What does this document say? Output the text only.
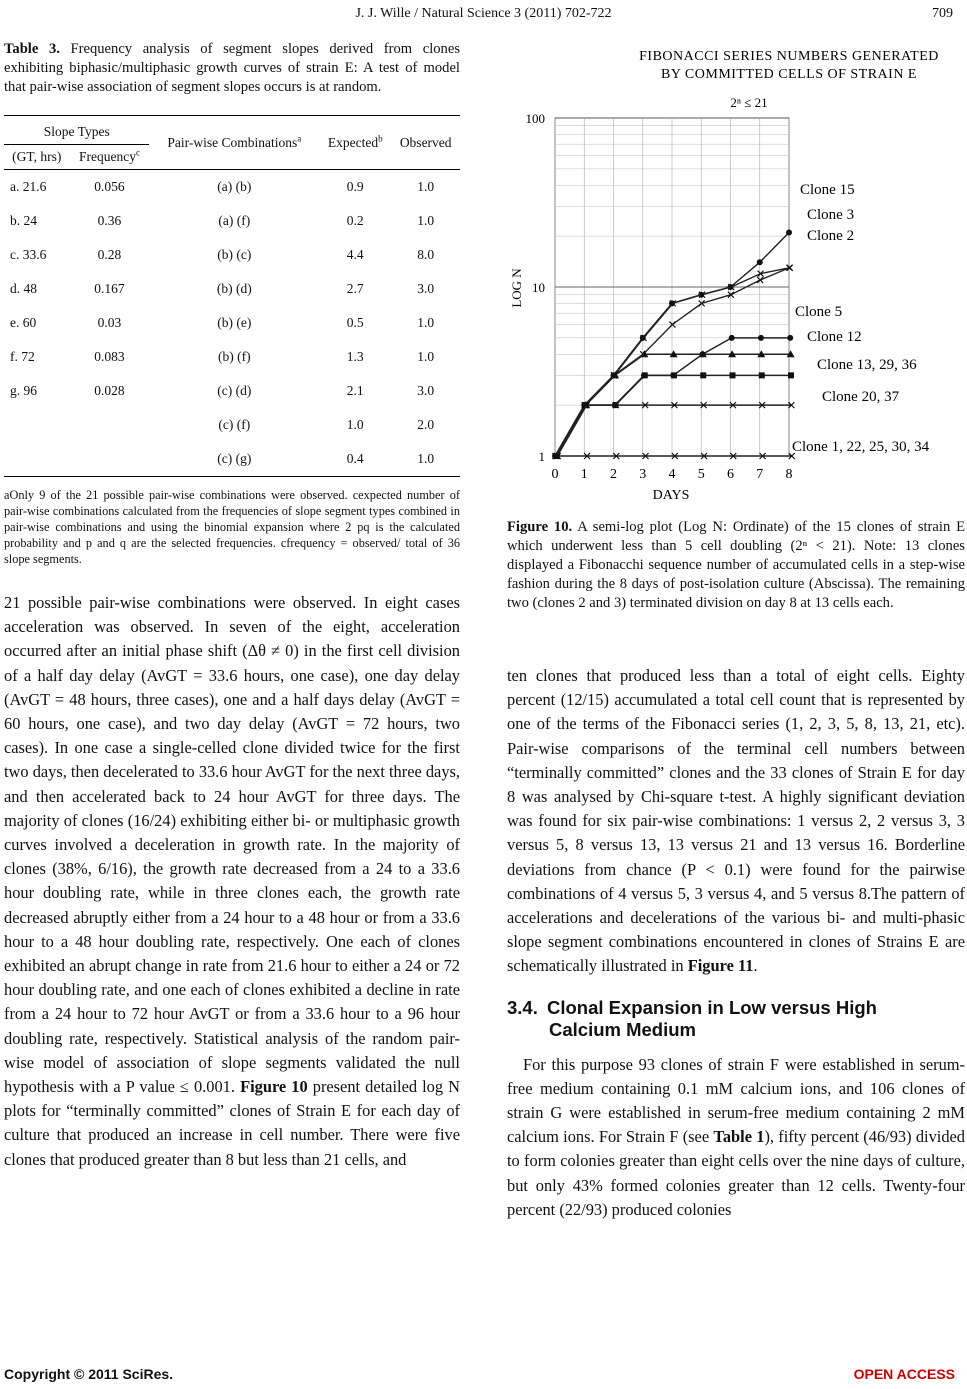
J. J. Wille / Natural Science 3 (2011) 702-722	709
Table 3. Frequency analysis of segment slopes derived from clones exhibiting biphasic/multiphasic growth curves of strain E: A test of model that pair-wise association of segment slopes occurs is at random.
Slope Types		Pair-wise Combinations$^a$	Expected$^b$	Observed
(GT, hrs)	Frequency$^c$
a. 21.6	0.056	(a) (b)	0.9	1.0
b. 24	0.36	(a) (f)	0.2	1.0
c. 33.6	0.28	(b) (c)	4.4	8.0
d. 48	0.167	(b) (d)	2.7	3.0
e. 60	0.03	(b) (e)	0.5	1.0
f. 72	0.083	(b) (f)	1.3	1.0
g. 96	0.028	(c) (d)	2.1	3.0
		(c) (f)	1.0	2.0
		(c) (g)	0.4	1.0
aOnly 9 of the 21 possible pair-wise combinations were observed. cexpected number of pair-wise combinations calculated from the frequencies of slope segment types combined in pair-wise combinations and using the binomial expansion where 2 pq is the calculated probability and p and q are the selected frequencies. cfrequency = observed/ total of 36 slope segments.
21 possible pair-wise combinations were observed. In eight cases acceleration was observed. In seven of the eight, acceleration occurred after an initial phase shift (Δθ ≠ 0) in the first cell division of a half day delay (AvGT = 33.6 hours, one case), one day delay (AvGT = 48 hours, three cases), one and a half days delay (AvGT = 60 hours, one case), and two day delay (AvGT = 72 hours, two cases). In one case a single-celled clone divided twice for the first two days, then decelerated to 33.6 hour AvGT for the next three days, and then accelerated back to 24 hour AvGT for three days. The majority of clones (16/24) exhibiting either bi- or multiphasic growth curves involved a deceleration in growth rate. In the majority of clones (38%, 6/16), the growth rate decreased from a 24 to a 33.6 hour doubling rate, while in three clones each, the growth rate decreased abruptly either from a 24 hour to a 48 hour or from a 33.6 hour to a 48 hour doubling rate, respectively. One each of clones exhibited an abrupt change in rate from 21.6 hour to either a 24 or 72 hour doubling rate, and one each of clones exhibited a decline in rate from a 24 hour to 72 hour AvGT or from a 33.6 hour to a 96 hour doubling rate, respectively. Statistical analysis of the random pair-wise model of association of slope segments validated the null hypothesis with a P value ≤ 0.001. Figure 10 present detailed log N plots for “terminally committed” clones of Strain E for each day of culture that produced an increase in cell number. There were five clones that produced greater than 8 but less than 21 cells, and
FIBONACCI SERIES NUMBERS GENERATED
BY COMMITTED CELLS OF STRAIN E
2ⁿ ≤ 21
LOG N
DAYS
100
10
1
0 1 2 3 4 5 6 7 8
Clone 15
Clone 3
Clone 2
Clone 5
Clone 12
Clone 13, 29, 36
Clone 20, 37
Clone 1, 22, 25, 30, 34
Figure 10. A semi-log plot (Log N: Ordinate) of the 15 clones of strain E which underwent less than 5 cell doubling (2ⁿ < 21). Note: 13 clones displayed a Fibonacchi sequence number of accumulated cells in a step-wise fashion during the 8 days of post-isolation culture (Abscissa). The remaining two (clones 2 and 3) terminated division on day 8 at 13 cells each.
ten clones that produced less than a total of eight cells. Eighty percent (12/15) accumulated a total cell count that is represented by one of the terms of the Fibonacci series (1, 2, 3, 5, 8, 13, 21, etc). Pair-wise comparisons of the terminal cell numbers between “terminally committed” clones and the 33 clones of Strain E for day 8 was analysed by Chi-square t-test. A highly significant deviation was found for six pair-wise combinations: 1 versus 2, 2 versus 3, 3 versus 5, 8 versus 13, 13 versus 21 and 13 versus 16. Borderline deviations from chance (P < 0.1) were found for the pairwise combinations of 4 versus 5, 3 versus 4, and 5 versus 8.The pattern of accelerations and decelerations of the various bi- and multi-phasic slope segment combinations encountered in clones of Strains E are schematically illustrated in Figure 11.
3.4. Clonal Expansion in Low versus High
Calcium Medium
For this purpose 93 clones of strain F were established in serum-free medium containing 0.1 mM calcium ions, and 106 clones of strain G were established in serum-free medium containing 2 mM calcium ions. For Strain F (see Table 1), fifty percent (46/93) divided to form colonies greater than eight cells over the nine days of culture, but only 43% formed colonies greater than 12 cells. Twenty-four percent (22/93) produced colonies
Copyright © 2011 SciRes.	OPEN ACCESS
